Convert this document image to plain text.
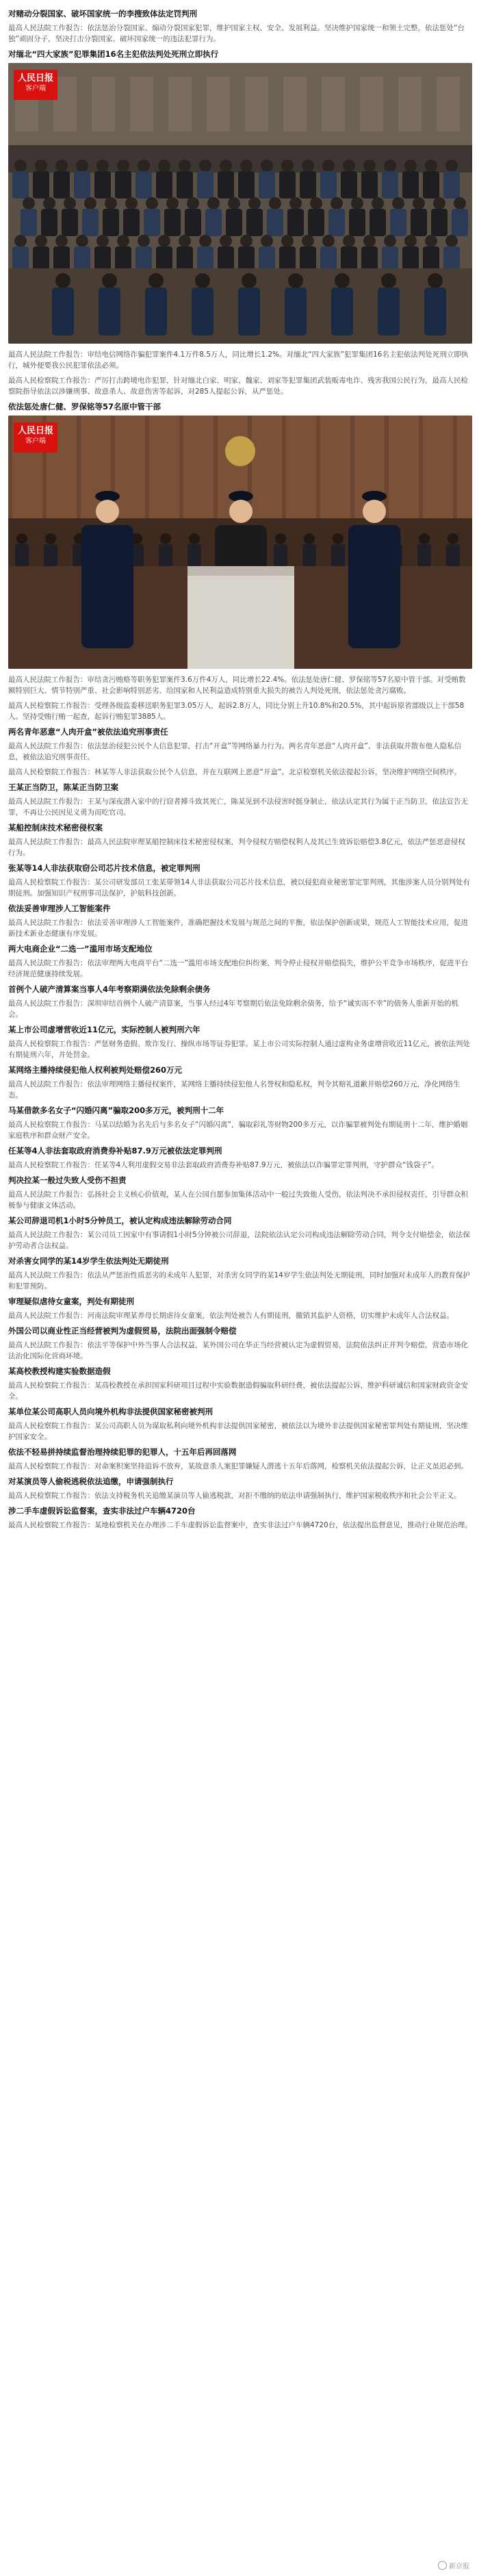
对赌动分裂国家、破坏国家统一的李搜致体法定罚判刑
最高人民法院工作报告：依法惩治分裂国家、煽动分裂国家犯罪，维护国家主权、安全、发展利益。坚决维护国家统一和领土完整，依法惩处“台独”顽固分子，坚决打击分裂国家、破坏国家统一的违法犯罪行为。
对缅北“四大家族”犯罪集团16名主犯依法判处死刑立即执行
人民日报
客户端
最高人民法院工作报告：审结电信网络诈骗犯罪案件4.1万件8.5万人，同比增长1.2%。对缅北“四大家族”犯罪集团16名主犯依法判处死刑立即执行，城外便要我公民犯罪依法必须。
最高人民检察院工作报告：严厉打击跨境电诈犯罪，针对缅北白家、明家、魏家、刘家等犯罪集团武装贩毒电诈、残害我国公民行为，最高人民检察院指导依法以涉嫌刑事、故意杀人、故意伤害等起诉，对285人提起公诉，从严惩处。
依法惩处唐仁健、罗保铭等57名原中管干部
人民日报
客户端
最高人民法院工作报告：审结贪污贿赂等职务犯罪案件3.6万件4万人，同比增长22.4%。依法惩处唐仁健、罗保铭等57名原中管干部。对受贿数额特别巨大、情节特别严重、社会影响特别恶劣、给国家和人民利益造成特别重大损失的被告人判处死刑，依法惩处贪污腐败。
最高人民检察院工作报告：受理各级监委移送职务犯罪3.05万人，起诉2.8万人，同比分别上升10.8%和20.5%，其中起诉原省部级以上干部58人。坚持受贿行贿一起查，起诉行贿犯罪3885人。
两名青年恶意“人肉开盒”被依法追究刑事责任
最高人民法院工作报告：依法惩治侵犯公民个人信息犯罪，打击“开盒”等网络暴力行为。两名青年恶意“人肉开盒”、非法获取并散布他人隐私信息，被依法追究刑事责任。
最高人民检察院工作报告：林某等人非法获取公民个人信息，并在互联网上恶意“开盒”。北京检察机关依法提起公诉，坚决维护网络空间秩序。
王某正当防卫，陈某正当防卫案
最高人民法院工作报告：王某与深夜潜入家中的行窃者搏斗致其死亡，陈某见到不法侵害时挺身制止，依法认定其行为属于正当防卫，依法宣告无罪，不再让公民因见义勇为而吃官司。
某船控制床技术秘密侵权案
最高人民法院工作报告：最高人民法院审理某船控制床技术秘密侵权案，判令侵权方赔偿权利人及其已生效诉讼赔偿3.8亿元，依法严惩恶意侵权行为。
张某等14人非法获取窃公司芯片技术信息，被定罪判刑
最高人民检察院工作报告：某公司研发部员工张某带领14人非法获取公司芯片技术信息，被以侵犯商业秘密罪定罪判刑，其他涉案人员分别判处有期徒刑。加强知识产权刑事司法保护，护航科技创新。
依法妥善审理涉人工智能案件
最高人民法院工作报告：依法妥善审理涉人工智能案件，准确把握技术发展与规范之间的平衡，依法保护创新成果，规范人工智能技术应用，促进新技术新业态健康有序发展。
两大电商企业“二选一”滥用市场支配地位
最高人民法院工作报告：依法审理两大电商平台“二选一”滥用市场支配地位纠纷案，判令停止侵权并赔偿损失，维护公平竞争市场秩序，促进平台经济规范健康持续发展。
首例个人破产清算案当事人4年考察期满依法免除剩余债务
最高人民法院工作报告：深圳审结首例个人破产清算案，当事人经过4年考察期后依法免除剩余债务，给予“诚实而不幸”的债务人重新开始的机会。
某上市公司虚增营收近11亿元，实际控制人被判刑六年
最高人民检察院工作报告：严惩财务造假、欺诈发行、操纵市场等证券犯罪。某上市公司实际控制人通过虚构业务虚增营收近11亿元，被依法判处有期徒刑六年，并处罚金。
某网络主播持续侵犯他人权利被判处赔偿260万元
最高人民法院工作报告：依法审理网络主播侵权案件，某网络主播持续侵犯他人名誉权和隐私权，判令其赔礼道歉并赔偿260万元，净化网络生态。
马某借款多名女子“闪婚闪离”骗取200多万元，被判刑十二年
最高人民检察院工作报告：马某以结婚为名先后与多名女子“闪婚闪离”，骗取彩礼等财物200多万元，以诈骗罪被判处有期徒刑十二年，维护婚姻家庭秩序和群众财产安全。
任某等4人非法套取政府消费券补贴87.9万元被依法定罪判刑
最高人民检察院工作报告：任某等4人利用虚假交易非法套取政府消费券补贴87.9万元，被依法以诈骗罪定罪判刑，守护群众“钱袋子”。
判决拉某一般过失致人受伤不担责
最高人民法院工作报告：弘扬社会主义核心价值观，某人在公园自愿参加集体活动中一般过失致他人受伤，依法判决不承担侵权责任，引导群众积极参与健康文体活动。
某公司辞退司机1小时5分钟员工，被认定构成违法解除劳动合同
最高人民法院工作报告：某公司员工因家中有事请假1小时5分钟被公司辞退，法院依法认定公司构成违法解除劳动合同，判令支付赔偿金，依法保护劳动者合法权益。
对杀害女同学的某14岁学生依法判处无期徒刑
最高人民法院工作报告：依法从严惩治性质恶劣的未成年人犯罪，对杀害女同学的某14岁学生依法判处无期徒刑，同时加强对未成年人的教育保护和犯罪预防。
审理疑似虐待女童案，判处有期徒刑
最高人民法院工作报告：河南法院审理某养母长期虐待女童案，依法判处被告人有期徒刑，撤销其监护人资格，切实维护未成年人合法权益。
外国公司以商业性正当经营被判为虚假贸易，法院出面强制令赔偿
最高人民法院工作报告：依法平等保护中外当事人合法权益，某外国公司在华正当经营被认定为虚假贸易，法院依法纠正并判令赔偿，营造市场化法治化国际化营商环境。
某高校教授构建实验数据造假
最高人民检察院工作报告：某高校教授在承担国家科研项目过程中实验数据造假骗取科研经费，被依法提起公诉，维护科研诚信和国家财政资金安全。
某单位某公司高职人员向境外机构非法提供国家秘密被判刑
最高人民检察院工作报告：某公司高职人员为谋取私利向境外机构非法提供国家秘密，被依法以为境外非法提供国家秘密罪判处有期徒刑，坚决维护国家安全。
依法不轻易拼持续监督治理持续犯罪的犯罪人，十五年后再回落网
最高人民检察院工作报告：对命案积案坚持追诉不放弃，某故意杀人案犯罪嫌疑人潜逃十五年后落网，检察机关依法提起公诉，让正义虽迟必到。
对某演员等人偷税逃税依法追缴，申请强制执行
最高人民检察院工作报告：依法支持税务机关追缴某演员等人偷逃税款，对拒不缴纳的依法申请强制执行，维护国家税收秩序和社会公平正义。
涉二手车虚假诉讼监督案，查实非法过户车辆4720台
最高人民检察院工作报告：某地检察机关在办理涉二手车虚假诉讼监督案中，查实非法过户车辆4720台，依法提出监督意见，推动行业规范治理。
新京报
